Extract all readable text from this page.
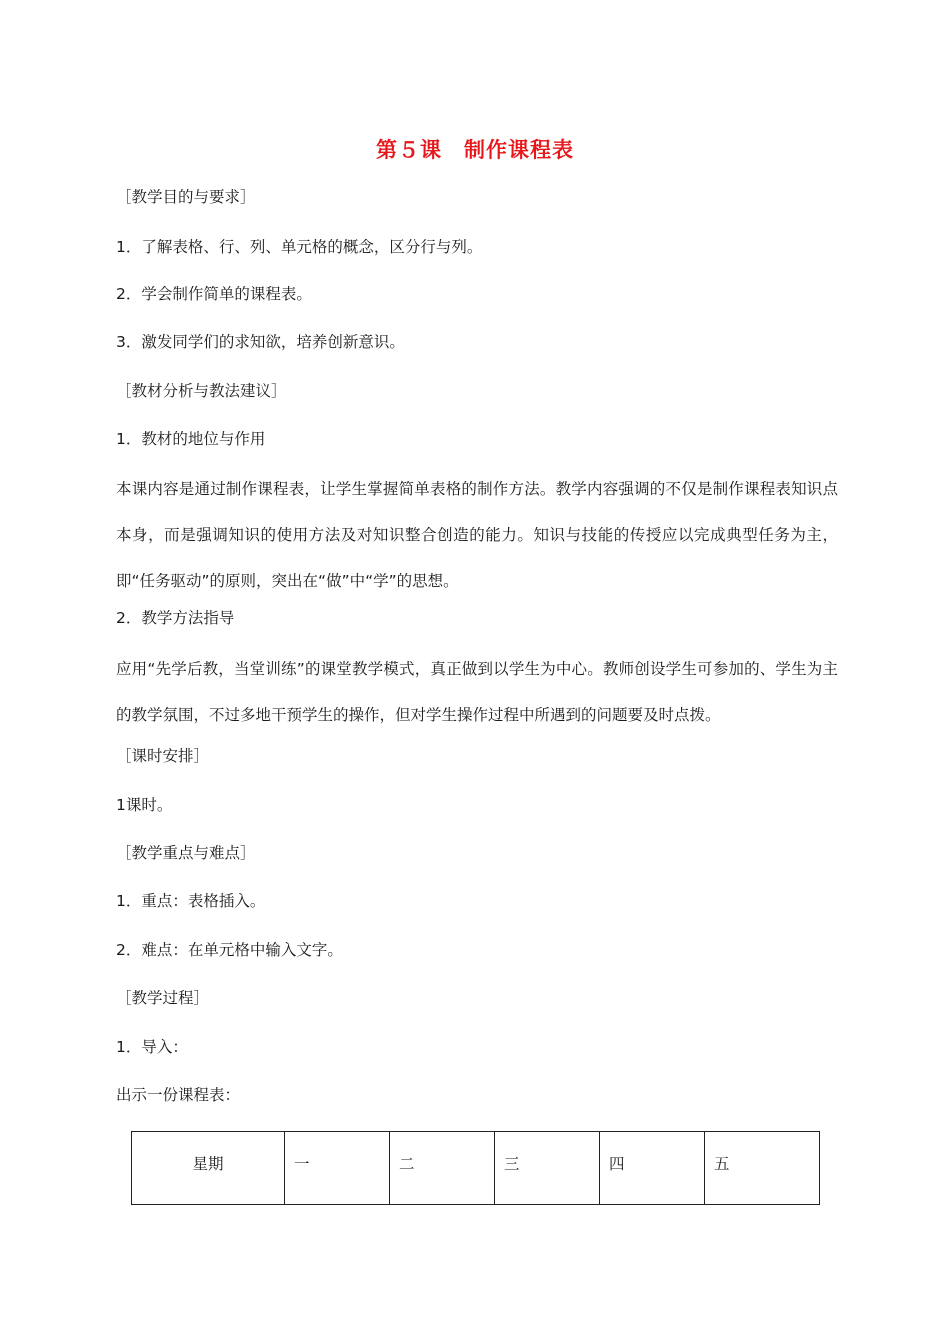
第５课 制作课程表
［教学目的与要求］
1．了解表格、行、列、单元格的概念，区分行与列。
2．学会制作简单的课程表。
3．激发同学们的求知欲，培养创新意识。
［教材分析与教法建议］
1．教材的地位与作用
本课内容是通过制作课程表，让学生掌握简单表格的制作方法。教学内容强调的不仅是制作课程表知识点本身，而是强调知识的使用方法及对知识整合创造的能力。知识与技能的传授应以完成典型任务为主，即“任务驱动”的原则，突出在“做”中“学”的思想。
2．教学方法指导
应用“先学后教，当堂训练”的课堂教学模式，真正做到以学生为中心。教师创设学生可参加的、学生为主的教学氛围，不过多地干预学生的操作，但对学生操作过程中所遇到的问题要及时点拨。
［课时安排］
1课时。
［教学重点与难点］
1．重点：表格插入。
2．难点：在单元格中输入文字。
［教学过程］
1．导入：
出示一份课程表：
星期	一	二	三	四	五
